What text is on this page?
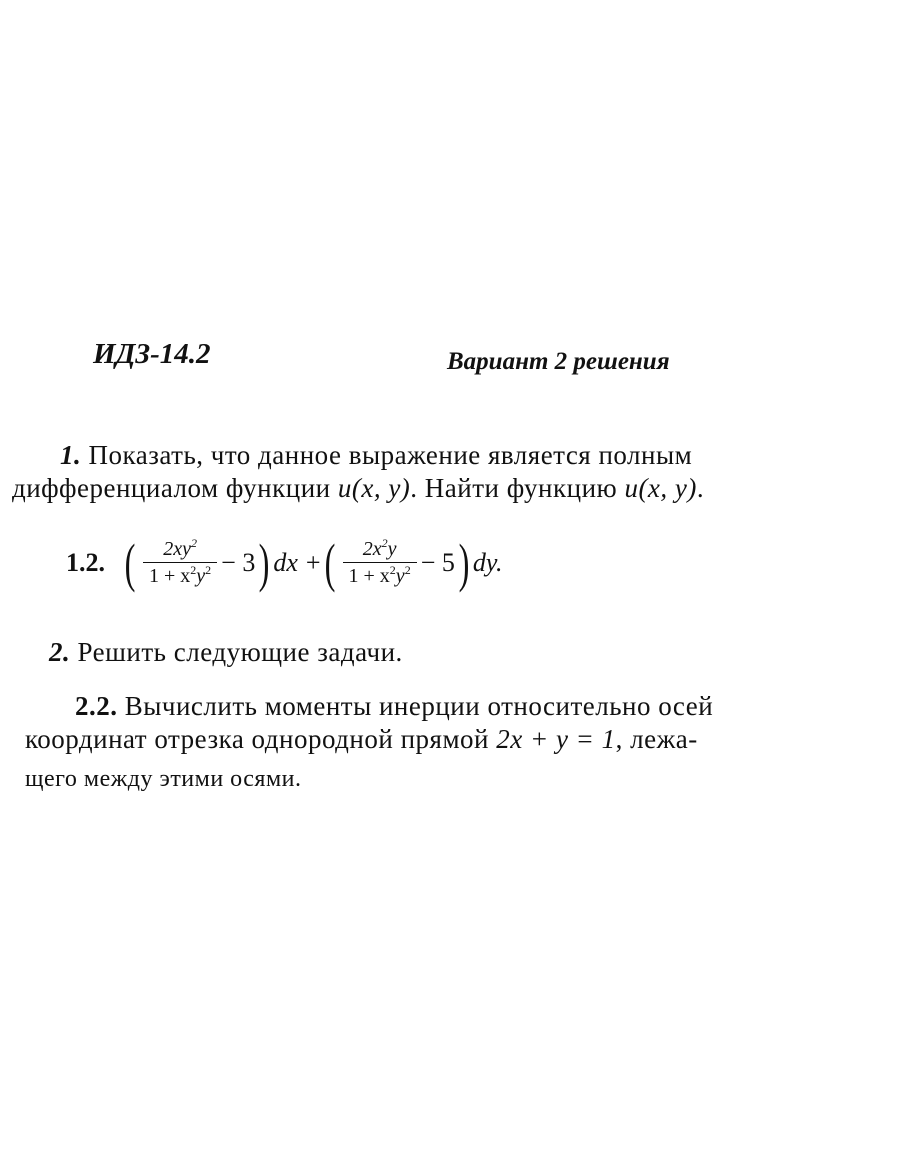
ИДЗ-14.2	Вариант 2 решения
1. Показать, что данное выражение является полным
дифференциалом функции u(x, y). Найти функцию u(x, y).
1.2. ( $\frac{2xy^2}{1 + x^2y^2} - 3$ ) dx + ( $\frac{2x^2y}{1 + x^2y^2} - 5$ ) dy.
2. Решить следующие задачи.
2.2. Вычислить моменты инерции относительно осей
координат отрезка однородной прямой 2x + y = 1, лежа-
щего между этими осями.
